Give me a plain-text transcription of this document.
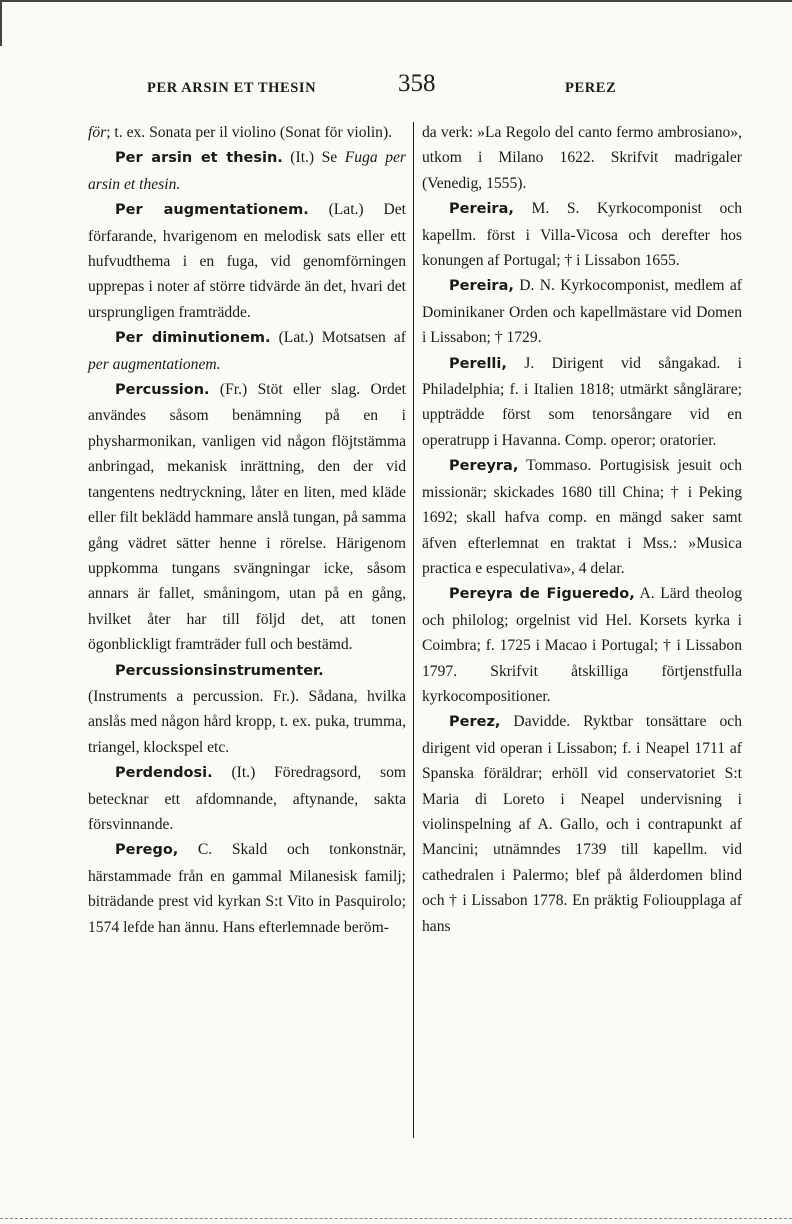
PER ARSIN ET THESIN	358	PEREZ

för; t. ex. Sonata per il violino (Sonat för violin).

Per arsin et thesin. (It.) Se Fuga per arsin et thesin.

Per augmentationem. (Lat.) Det förfarande, hvarigenom en melodisk sats eller ett hufvudthema i en fuga, vid genomförningen upprepas i noter af större tidvärde än det, hvari det ursprungligen framträdde.

Per diminutionem. (Lat.) Motsatsen af per augmentationem.

Percussion. (Fr.) Stöt eller slag. Ordet användes såsom benämning på en i physharmonikan, vanligen vid någon flöjtstämma anbringad, mekanisk inrättning, den der vid tangentens nedtryckning, låter en liten, med kläde eller filt beklädd hammare anslå tungan, på samma gång vädret sätter henne i rörelse. Härigenom uppkomma tungans svängningar icke, såsom annars är fallet, småningom, utan på en gång, hvilket åter har till följd det, att tonen ögonblickligt framträder full och bestämd.

Percussionsinstrumenter. (Instruments a percussion. Fr.). Sådana, hvilka anslås med någon hård kropp, t. ex. puka, trumma, triangel, klockspel etc.

Perdendosi. (It.) Föredragsord, som betecknar ett afdomnande, aftynande, sakta försvinnande.

Perego, C. Skald och tonkonstnär, härstammade från en gammal Milanesisk familj; biträdande prest vid kyrkan S:t Vito in Pasquirolo; 1574 lefde han ännu. Hans efterlemnade beröm-

da verk: »La Regolo del canto fermo ambrosiano», utkom i Milano 1622. Skrifvit madrigaler (Venedig, 1555).

Pereira, M. S. Kyrkocomponist och kapellm. först i Villa-Vicosa och derefter hos konungen af Portugal; † i Lissabon 1655.

Pereira, D. N. Kyrkocomponist, medlem af Dominikaner Orden och kapellmästare vid Domen i Lissabon; † 1729.

Perelli, J. Dirigent vid sångakad. i Philadelphia; f. i Italien 1818; utmärkt sånglärare; uppträdde först som tenorsångare vid en operatrupp i Havanna. Comp. operor; oratorier.

Pereyra, Tommaso. Portugisisk jesuit och missionär; skickades 1680 till China; † i Peking 1692; skall hafva comp. en mängd saker samt äfven efterlemnat en traktat i Mss.: »Musica practica e especulativa», 4 delar.

Pereyra de Figueredo, A. Lärd theolog och philolog; orgelnist vid Hel. Korsets kyrka i Coimbra; f. 1725 i Macao i Portugal; † i Lissabon 1797. Skrifvit åtskilliga förtjenstfulla kyrkocompositioner.

Perez, Davidde. Ryktbar tonsättare och dirigent vid operan i Lissabon; f. i Neapel 1711 af Spanska föräldrar; erhöll vid conservatoriet S:t Maria di Loreto i Neapel undervisning i violinspelning af A. Gallo, och i contrapunkt af Mancini; utnämndes 1739 till kapellm. vid cathedralen i Palermo; blef på ålderdomen blind och † i Lissabon 1778. En präktig Folioupplaga af hans
